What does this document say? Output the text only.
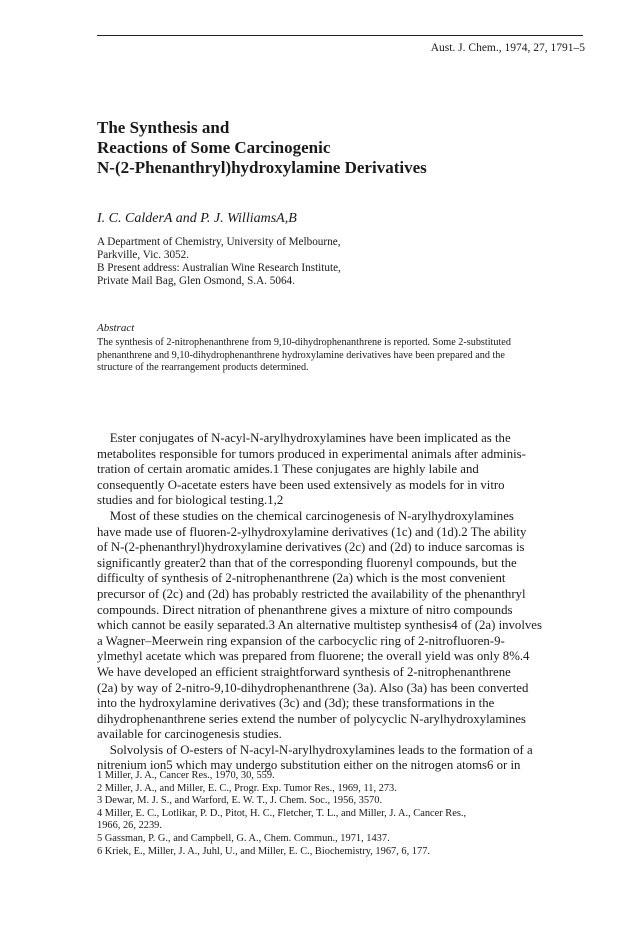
Aust. J. Chem., 1974, 27, 1791–5
The Synthesis and
Reactions of Some Carcinogenic
N-(2-Phenanthryl)hydroxylamine Derivatives
I. C. CalderA and P. J. WilliamsA,B
A Department of Chemistry, University of Melbourne,
Parkville, Vic. 3052.
B Present address: Australian Wine Research Institute,
Private Mail Bag, Glen Osmond, S.A. 5064.
Abstract
The synthesis of 2-nitrophenanthrene from 9,10-dihydrophenanthrene is reported. Some 2-substituted
phenanthrene and 9,10-dihydrophenanthrene hydroxylamine derivatives have been prepared and the
structure of the rearrangement products determined.
Ester conjugates of N-acyl-N-arylhydroxylamines have been implicated as the
metabolites responsible for tumors produced in experimental animals after adminis-
tration of certain aromatic amides.1 These conjugates are highly labile and
consequently O-acetate esters have been used extensively as models for in vitro
studies and for biological testing.1,2
Most of these studies on the chemical carcinogenesis of N-arylhydroxylamines
have made use of fluoren-2-ylhydroxylamine derivatives (1c) and (1d).2 The ability
of N-(2-phenanthryl)hydroxylamine derivatives (2c) and (2d) to induce sarcomas is
significantly greater2 than that of the corresponding fluorenyl compounds, but the
difficulty of synthesis of 2-nitrophenanthrene (2a) which is the most convenient
precursor of (2c) and (2d) has probably restricted the availability of the phenanthryl
compounds. Direct nitration of phenanthrene gives a mixture of nitro compounds
which cannot be easily separated.3 An alternative multistep synthesis4 of (2a) involves
a Wagner–Meerwein ring expansion of the carbocyclic ring of 2-nitrofluoren-9-
ylmethyl acetate which was prepared from fluorene; the overall yield was only 8%.4
We have developed an efficient straightforward synthesis of 2-nitrophenanthrene
(2a) by way of 2-nitro-9,10-dihydrophenanthrene (3a). Also (3a) has been converted
into the hydroxylamine derivatives (3c) and (3d); these transformations in the
dihydrophenanthrene series extend the number of polycyclic N-arylhydroxylamines
available for carcinogenesis studies.
Solvolysis of O-esters of N-acyl-N-arylhydroxylamines leads to the formation of a
nitrenium ion5 which may undergo substitution either on the nitrogen atoms6 or in
1 Miller, J. A., Cancer Res., 1970, 30, 559.
2 Miller, J. A., and Miller, E. C., Progr. Exp. Tumor Res., 1969, 11, 273.
3 Dewar, M. J. S., and Warford, E. W. T., J. Chem. Soc., 1956, 3570.
4 Miller, E. C., Lotlikar, P. D., Pitot, H. C., Fletcher, T. L., and Miller, J. A., Cancer Res.,
1966, 26, 2239.
5 Gassman, P. G., and Campbell, G. A., Chem. Commun., 1971, 1437.
6 Kriek, E., Miller, J. A., Juhl, U., and Miller, E. C., Biochemistry, 1967, 6, 177.
